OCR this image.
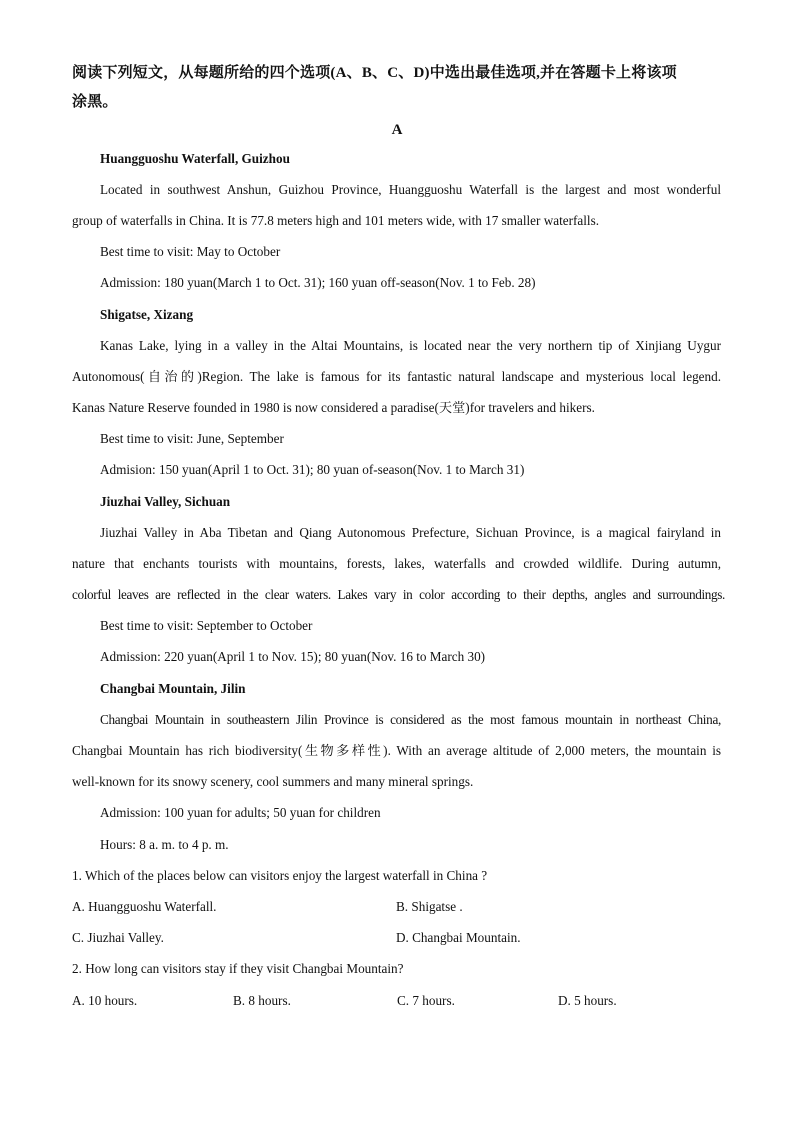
阅读下列短文，从每题所给的四个选项(A、B、C、D)中选出最佳选项,并在答题卡上将该项
涂黑。
A
Huangguoshu Waterfall, Guizhou
Located in southwest Anshun, Guizhou Province, Huangguoshu Waterfall is the largest and most wonderful
group of waterfalls in China. It is 77.8 meters high and 101 meters wide, with 17 smaller waterfalls.
Best time to visit: May to October
Admission: 180 yuan(March 1 to Oct. 31); 160 yuan off-season(Nov. 1 to Feb. 28)
Shigatse, Xizang
Kanas Lake, lying in a valley in the Altai Mountains, is located near the very northern tip of Xinjiang Uygur
Autonomous(自治的)Region. The lake is famous for its fantastic natural landscape and mysterious local legend.
Kanas Nature Reserve founded in 1980 is now considered a paradise(天堂)for travelers and hikers.
Best time to visit: June, September
Admision: 150 yuan(April 1 to Oct. 31); 80 yuan of-season(Nov. 1 to March 31)
Jiuzhai Valley, Sichuan
Jiuzhai Valley in Aba Tibetan and Qiang Autonomous Prefecture, Sichuan Province, is a magical fairyland in
nature that enchants tourists with mountains, forests, lakes, waterfalls and crowded wildlife. During autumn,
colorful leaves are reflected in the clear waters. Lakes vary in color according to their depths, angles and surroundings.
Best time to visit: September to October
Admission: 220 yuan(April 1 to Nov. 15); 80 yuan(Nov. 16 to March 30)
Changbai Mountain, Jilin
Changbai Mountain in southeastern Jilin Province is considered as the most famous mountain in northeast China,
Changbai Mountain has rich biodiversity(生物多样性). With an average altitude of 2,000 meters, the mountain is
well-known for its snowy scenery, cool summers and many mineral springs.
Admission: 100 yuan for adults; 50 yuan for children
Hours: 8 a. m. to 4 p. m.
1. Which of the places below can visitors enjoy the largest waterfall in China ?
A. Huangguoshu Waterfall.	B. Shigatse .
C. Jiuzhai Valley.	D. Changbai Mountain.
2. How long can visitors stay if they visit Changbai Mountain?
A. 10 hours.	B. 8 hours.	C. 7 hours.	D. 5 hours.
